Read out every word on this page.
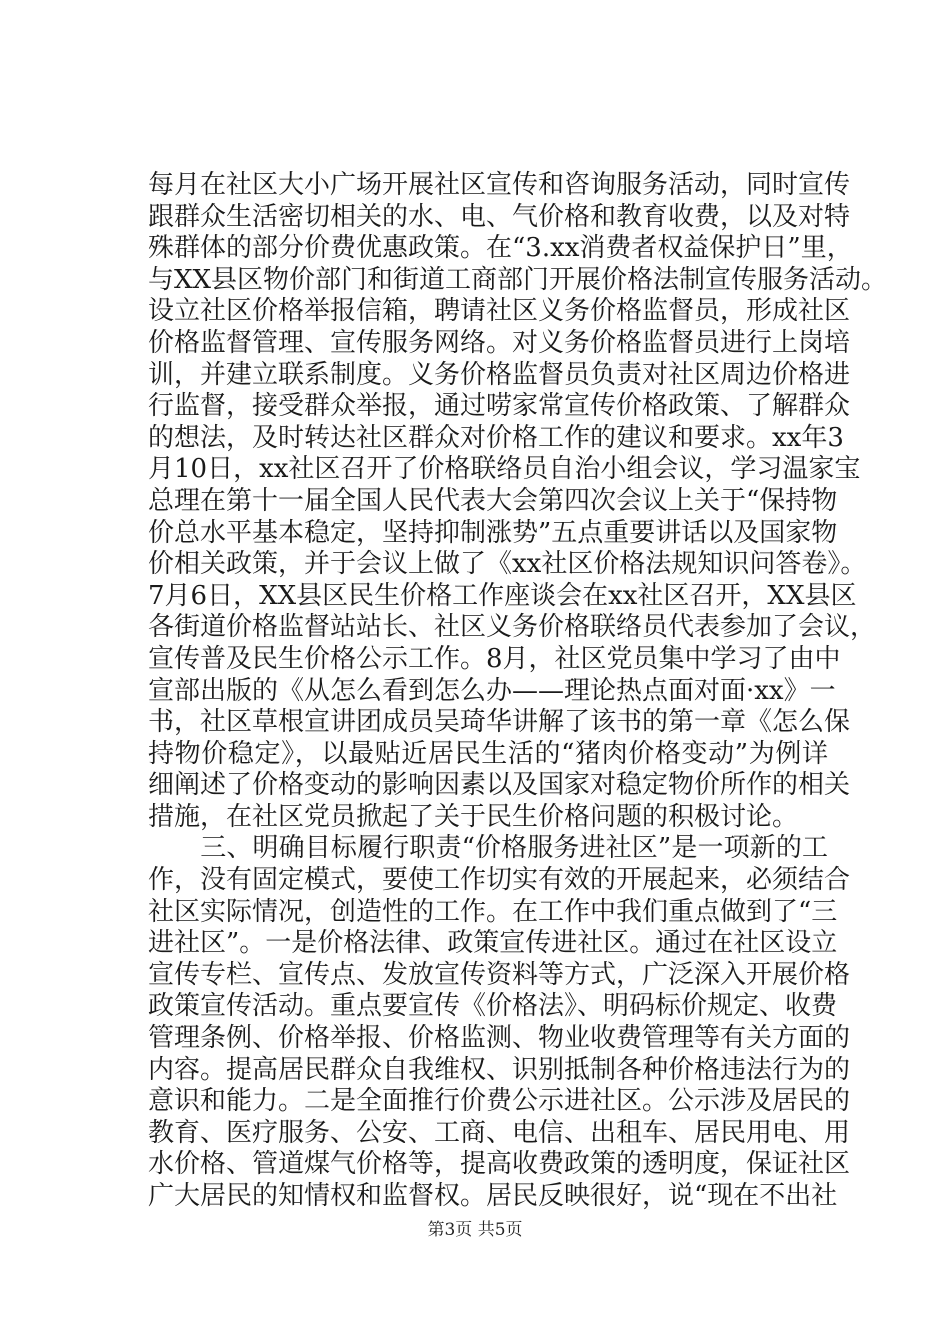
每月在社区大小广场开展社区宣传和咨询服务活动，同时宣传
跟群众生活密切相关的水、电、气价格和教育收费，以及对特
殊群体的部分价费优惠政策。在“3.xx消费者权益保护日”里，
与XX县区物价部门和街道工商部门开展价格法制宣传服务活动。
设立社区价格举报信箱，聘请社区义务价格监督员，形成社区
价格监督管理、宣传服务网络。对义务价格监督员进行上岗培
训，并建立联系制度。义务价格监督员负责对社区周边价格进
行监督，接受群众举报，通过唠家常宣传价格政策、了解群众
的想法，及时转达社区群众对价格工作的建议和要求。xx年3
月10日，xx社区召开了价格联络员自治小组会议，学习温家宝
总理在第十一届全国人民代表大会第四次会议上关于“保持物
价总水平基本稳定，坚持抑制涨势”五点重要讲话以及国家物
价相关政策，并于会议上做了《xx社区价格法规知识问答卷》。
7月6日，XX县区民生价格工作座谈会在xx社区召开，XX县区
各街道价格监督站站长、社区义务价格联络员代表参加了会议，
宣传普及民生价格公示工作。8月，社区党员集中学习了由中
宣部出版的《从怎么看到怎么办——理论热点面对面·xx》一
书，社区草根宣讲团成员吴琦华讲解了该书的第一章《怎么保
持物价稳定》，以最贴近居民生活的“猪肉价格变动”为例详
细阐述了价格变动的影响因素以及国家对稳定物价所作的相关
措施，在社区党员掀起了关于民生价格问题的积极讨论。
　　三、明确目标履行职责“价格服务进社区”是一项新的工
作，没有固定模式，要使工作切实有效的开展起来，必须结合
社区实际情况，创造性的工作。在工作中我们重点做到了“三
进社区”。一是价格法律、政策宣传进社区。通过在社区设立
宣传专栏、宣传点、发放宣传资料等方式，广泛深入开展价格
政策宣传活动。重点要宣传《价格法》、明码标价规定、收费
管理条例、价格举报、价格监测、物业收费管理等有关方面的
内容。提高居民群众自我维权、识别抵制各种价格违法行为的
意识和能力。二是全面推行价费公示进社区。公示涉及居民的
教育、医疗服务、公安、工商、电信、出租车、居民用电、用
水价格、管道煤气价格等，提高收费政策的透明度，保证社区
广大居民的知情权和监督权。居民反映很好，说“现在不出社
第3页 共5页
